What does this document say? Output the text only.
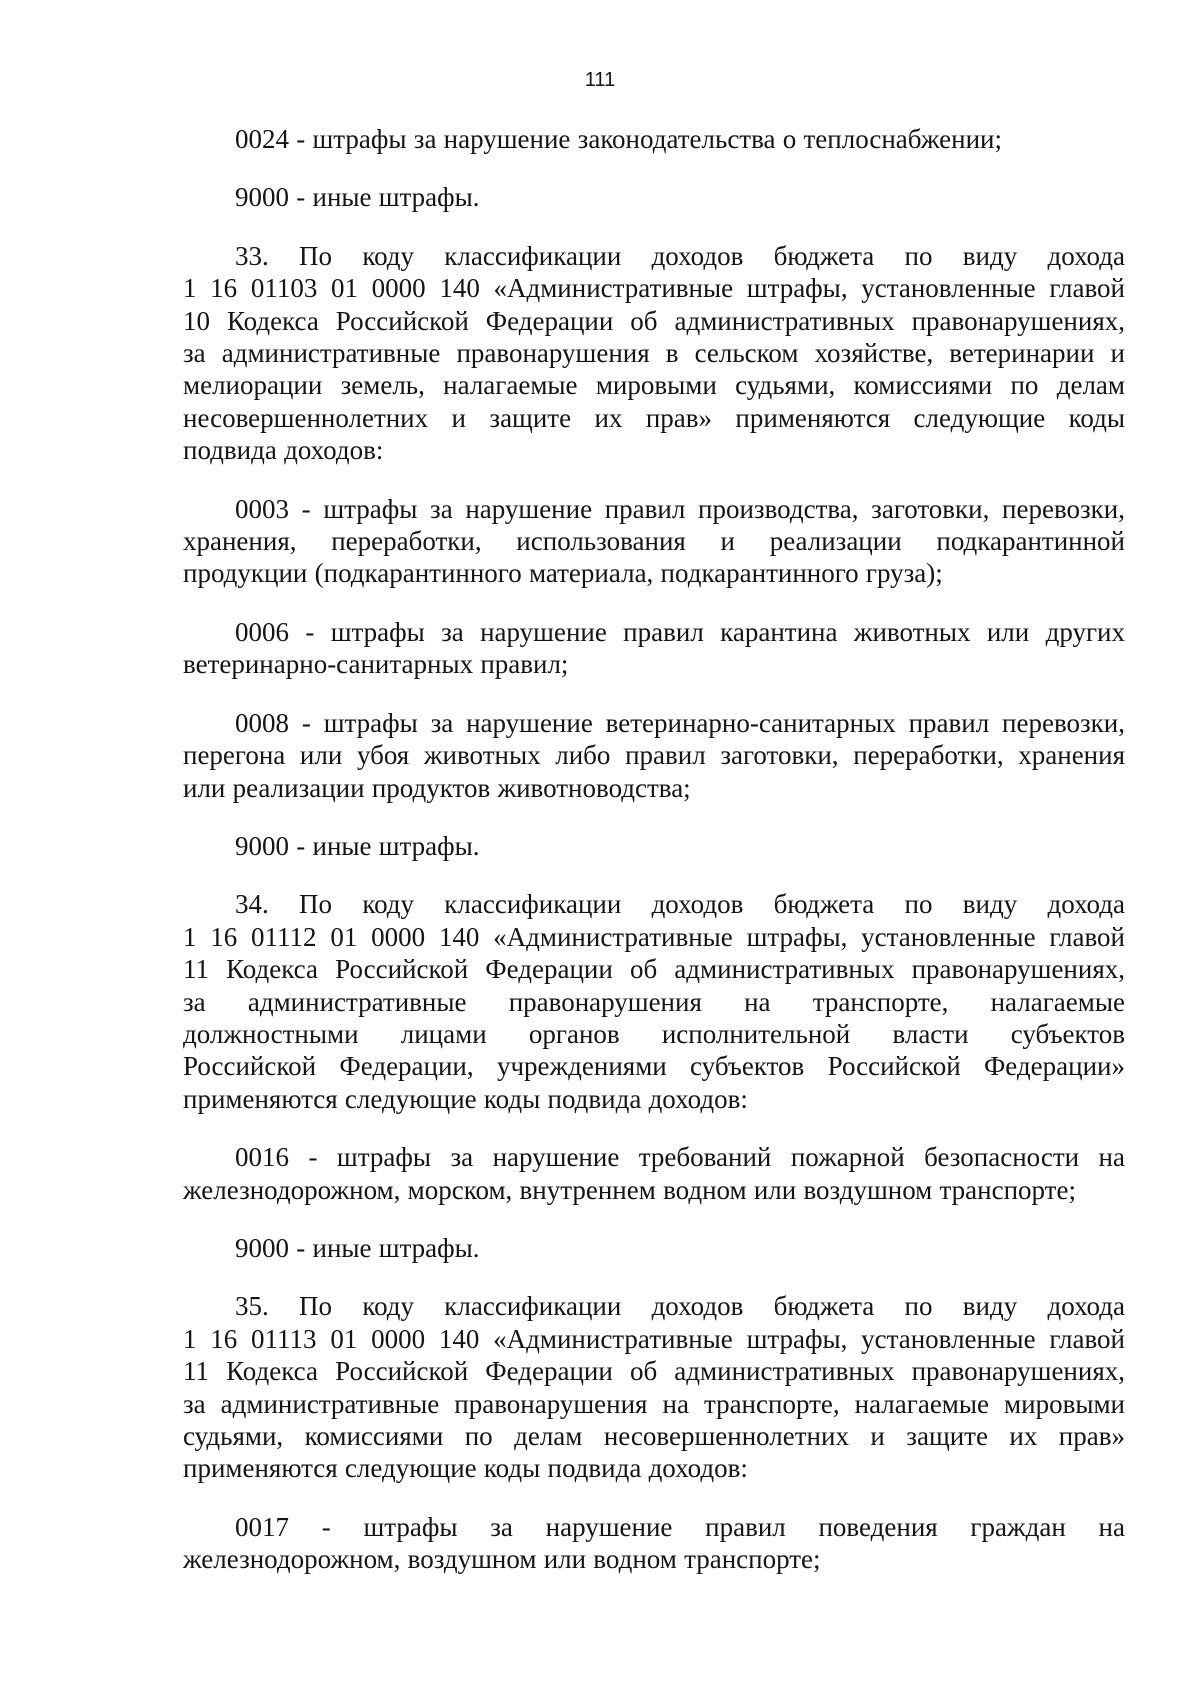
111
0024 - штрафы за нарушение законодательства о теплоснабжении;
9000 - иные штрафы.
33. По коду классификации доходов бюджета по виду дохода
1 16 01103 01 0000 140 «Административные штрафы, установленные главой
10 Кодекса Российской Федерации об административных правонарушениях,
за административные правонарушения в сельском хозяйстве, ветеринарии и
мелиорации земель, налагаемые мировыми судьями, комиссиями по делам
несовершеннолетних и защите их прав» применяются следующие коды
подвида доходов:
0003 - штрафы за нарушение правил производства, заготовки, перевозки,
хранения, переработки, использования и реализации подкарантинной
продукции (подкарантинного материала, подкарантинного груза);
0006 - штрафы за нарушение правил карантина животных или других
ветеринарно-санитарных правил;
0008 - штрафы за нарушение ветеринарно-санитарных правил перевозки,
перегона или убоя животных либо правил заготовки, переработки, хранения
или реализации продуктов животноводства;
9000 - иные штрафы.
34. По коду классификации доходов бюджета по виду дохода
1 16 01112 01 0000 140 «Административные штрафы, установленные главой
11 Кодекса Российской Федерации об административных правонарушениях,
за административные правонарушения на транспорте, налагаемые
должностными лицами органов исполнительной власти субъектов
Российской Федерации, учреждениями субъектов Российской Федерации»
применяются следующие коды подвида доходов:
0016 - штрафы за нарушение требований пожарной безопасности на
железнодорожном, морском, внутреннем водном или воздушном транспорте;
9000 - иные штрафы.
35. По коду классификации доходов бюджета по виду дохода
1 16 01113 01 0000 140 «Административные штрафы, установленные главой
11 Кодекса Российской Федерации об административных правонарушениях,
за административные правонарушения на транспорте, налагаемые мировыми
судьями, комиссиями по делам несовершеннолетних и защите их прав»
применяются следующие коды подвида доходов:
0017 - штрафы за нарушение правил поведения граждан на
железнодорожном, воздушном или водном транспорте;
